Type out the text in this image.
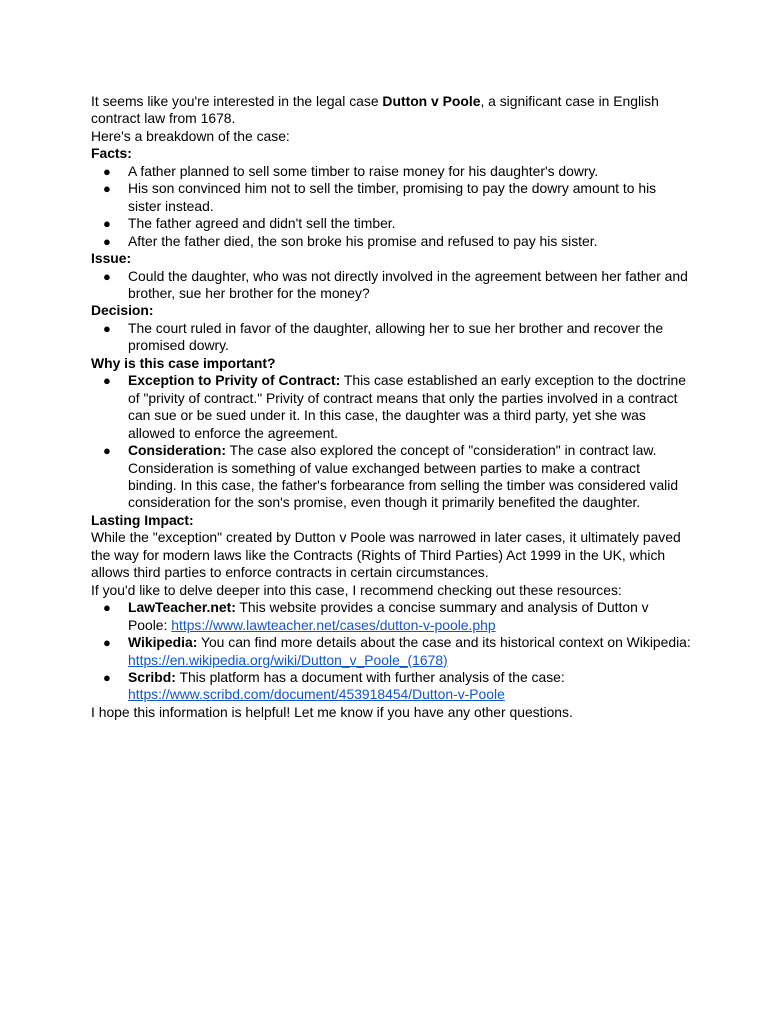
It seems like you're interested in the legal case Dutton v Poole, a significant case in English contract law from 1678.

Here's a breakdown of the case:

Facts:

● A father planned to sell some timber to raise money for his daughter's dowry.
● His son convinced him not to sell the timber, promising to pay the dowry amount to his sister instead.
● The father agreed and didn't sell the timber.
● After the father died, the son broke his promise and refused to pay his sister.

Issue:

● Could the daughter, who was not directly involved in the agreement between her father and brother, sue her brother for the money?

Decision:

● The court ruled in favor of the daughter, allowing her to sue her brother and recover the promised dowry.

Why is this case important?

● Exception to Privity of Contract: This case established an early exception to the doctrine of "privity of contract." Privity of contract means that only the parties involved in a contract can sue or be sued under it. In this case, the daughter was a third party, yet she was allowed to enforce the agreement.
● Consideration: The case also explored the concept of "consideration" in contract law. Consideration is something of value exchanged between parties to make a contract binding. In this case, the father's forbearance from selling the timber was considered valid consideration for the son's promise, even though it primarily benefited the daughter.

Lasting Impact:

While the "exception" created by Dutton v Poole was narrowed in later cases, it ultimately paved the way for modern laws like the Contracts (Rights of Third Parties) Act 1999 in the UK, which allows third parties to enforce contracts in certain circumstances.

If you'd like to delve deeper into this case, I recommend checking out these resources:

● LawTeacher.net: This website provides a concise summary and analysis of Dutton v Poole: https://www.lawteacher.net/cases/dutton-v-poole.php
● Wikipedia: You can find more details about the case and its historical context on Wikipedia: https://en.wikipedia.org/wiki/Dutton_v_Poole_(1678)
● Scribd: This platform has a document with further analysis of the case: https://www.scribd.com/document/453918454/Dutton-v-Poole

I hope this information is helpful! Let me know if you have any other questions.
